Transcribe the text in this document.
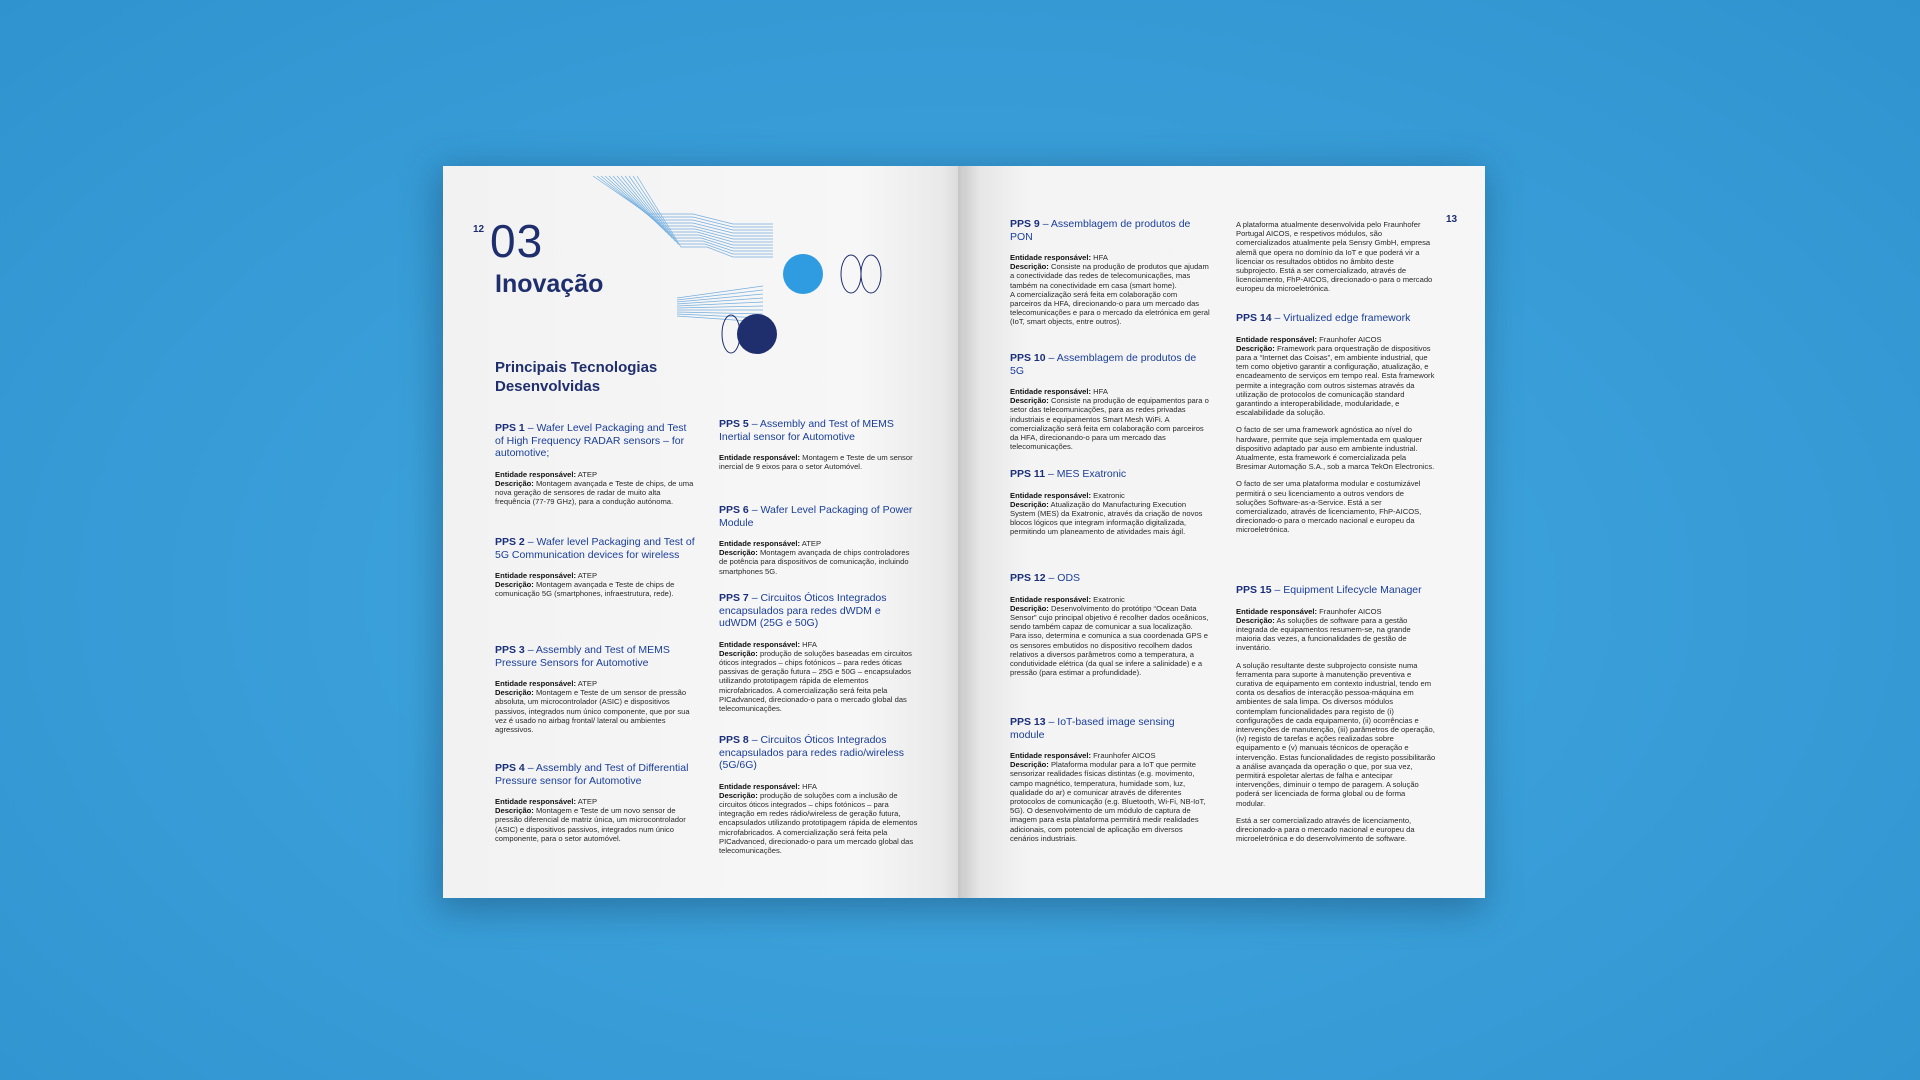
12 03
Inovação
Principais Tecnologias Desenvolvidas

PPS 1 – Wafer Level Packaging and Test of High Frequency RADAR sensors – for automotive;

Entidade responsável: ATEP
Descrição: Montagem avançada e Teste de chips, de uma nova geração de sensores de radar de muito alta frequência (77-79 GHz), para a condução autónoma.

PPS 2 – Wafer level Packaging and Test of 5G Communication devices for wireless

Entidade responsável: ATEP
Descrição: Montagem avançada e Teste de chips de comunicação 5G (smartphones, infraestrutura, rede).

PPS 3 – Assembly and Test of MEMS Pressure Sensors for Automotive

Entidade responsável: ATEP
Descrição: Montagem e Teste de um sensor de pressão absoluta, um microcontrolador (ASIC) e dispositivos passivos, integrados num único componente, que por sua vez é usado no airbag frontal/ lateral ou ambientes agressivos.

PPS 4 – Assembly and Test of Differential Pressure sensor for Automotive

Entidade responsável: ATEP
Descrição: Montagem e Teste de um novo sensor de pressão diferencial de matriz única, um microcontrolador (ASIC) e dispositivos passivos, integrados num único componente, para o setor automóvel.

PPS 5 – Assembly and Test of MEMS Inertial sensor for Automotive

Entidade responsável: Montagem e Teste de um sensor inercial de 9 eixos para o setor Automóvel.

PPS 6 – Wafer Level Packaging of Power Module

Entidade responsável: ATEP
Descrição: Montagem avançada de chips controladores de potência para dispositivos de comunicação, incluindo smartphones 5G.

PPS 7 – Circuitos Óticos Integrados encapsulados para redes dWDM e udWDM (25G e 50G)

Entidade responsável: HFA
Descrição: produção de soluções baseadas em circuitos óticos integrados – chips fotónicos – para redes óticas passivas de geração futura – 25G e 50G – encapsulados utilizando prototipagem rápida de elementos microfabricados. A comercialização será feita pela PICadvanced, direcionado-o para o mercado global das telecomunicações.

PPS 8 – Circuitos Óticos Integrados encapsulados para redes radio/wireless (5G/6G)

Entidade responsável: HFA
Descrição: produção de soluções com a inclusão de circuitos óticos integrados – chips fotónicos – para integração em redes rádio/wireless de geração futura, encapsulados utilizando prototipagem rápida de elementos microfabricados. A comercialização será feita pela PICadvanced, direcionado-o para um mercado global das telecomunicações.

13

PPS 9 – Assemblagem de produtos de PON

Entidade responsável: HFA
Descrição: Consiste na produção de produtos que ajudam a conectividade das redes de telecomunicações, mas também na conectividade em casa (smart home).
A comercialização será feita em colaboração com parceiros da HFA, direcionando-o para um mercado das telecomunicações e para o mercado da eletrónica em geral (IoT, smart objects, entre outros).

PPS 10 – Assemblagem de produtos de 5G

Entidade responsável: HFA
Descrição: Consiste na produção de equipamentos para o setor das telecomunicações, para as redes privadas industriais e equipamentos Smart Mesh WiFi. A comercialização será feita em colaboração com parceiros da HFA, direcionando-o para um mercado das telecomunicações.

PPS 11 – MES Exatronic

Entidade responsável: Exatronic
Descrição: Atualização do Manufacturing Execution System (MES) da Exatronic, através da criação de novos blocos lógicos que integram informação digitalizada, permitindo um planeamento de atividades mais ágil.

PPS 12 – ODS

Entidade responsável: Exatronic
Descrição: Desenvolvimento do protótipo “Ocean Data Sensor” cujo principal objetivo é recolher dados oceânicos, sendo também capaz de comunicar a sua localização. Para isso, determina e comunica a sua coordenada GPS e os sensores embutidos no dispositivo recolhem dados relativos a diversos parâmetros como a temperatura, a condutividade elétrica (da qual se infere a salinidade) e a pressão (para estimar a profundidade).

PPS 13 – IoT-based image sensing module

Entidade responsável: Fraunhofer AICOS
Descrição: Plataforma modular para a IoT que permite sensorizar realidades físicas distintas (e.g. movimento, campo magnético, temperatura, humidade som, luz, qualidade do ar) e comunicar através de diferentes protocolos de comunicação (e.g. Bluetooth, Wi-Fi, NB-IoT, 5G). O desenvolvimento de um módulo de captura de imagem para esta plataforma permitirá medir realidades adicionais, com potencial de aplicação em diversos cenários industriais.

A plataforma atualmente desenvolvida pelo Fraunhofer Portugal AICOS, e respetivos módulos, são comercializados atualmente pela Sensry GmbH, empresa alemã que opera no domínio da IoT e que poderá vir a licenciar os resultados obtidos no âmbito deste subprojecto. Está a ser comercializado, através de licenciamento, FhP-AICOS, direcionado-o para o mercado europeu da microeletrónica.

PPS 14 – Virtualized edge framework

Entidade responsável: Fraunhofer AICOS
Descrição: Framework para orquestração de dispositivos para a “Internet das Coisas”, em ambiente industrial, que tem como objetivo garantir a configuração, atualização, e encadeamento de serviços em tempo real. Esta framework permite a integração com outros sistemas através da utilização de protocolos de comunicação standard garantindo a interoperabilidade, modularidade, e escalabilidade da solução.

O facto de ser uma framework agnóstica ao nível do hardware, permite que seja implementada em qualquer dispositivo adaptado par auso em ambiente industrial. Atualmente, esta framework é comercializada pela Bresimar Automação S.A., sob a marca TekOn Electronics.

O facto de ser uma plataforma modular e costumizável permitirá o seu licenciamento a outros vendors de soluções Software-as-a-Service. Está a ser comercializado, através de licenciamento, FhP-AICOS, direcionado-o para o mercado nacional e europeu da microeletrónica.

PPS 15 – Equipment Lifecycle Manager

Entidade responsável: Fraunhofer AICOS
Descrição: As soluções de software para a gestão integrada de equipamentos resumem-se, na grande maioria das vezes, a funcionalidades de gestão de inventário.

A solução resultante deste subprojecto consiste numa ferramenta para suporte à manutenção preventiva e curativa de equipamento em contexto industrial, tendo em conta os desafios de interacção pessoa-máquina em ambientes de sala limpa. Os diversos módulos contemplam funcionalidades para registo de (i) configurações de cada equipamento, (ii) ocorrências e intervenções de manutenção, (iii) parâmetros de operação, (iv) registo de tarefas e ações realizadas sobre equipamento e (v) manuais técnicos de operação e intervenção. Estas funcionalidades de registo possibilitarão a análise avançada da operação o que, por sua vez, permitirá espoletar alertas de falha e antecipar intervenções, diminuir o tempo de paragem. A solução poderá ser licenciada de forma global ou de forma modular.

Está a ser comercializado através de licenciamento, direcionado-a para o mercado nacional e europeu da microeletrónica e do desenvolvimento de software.
